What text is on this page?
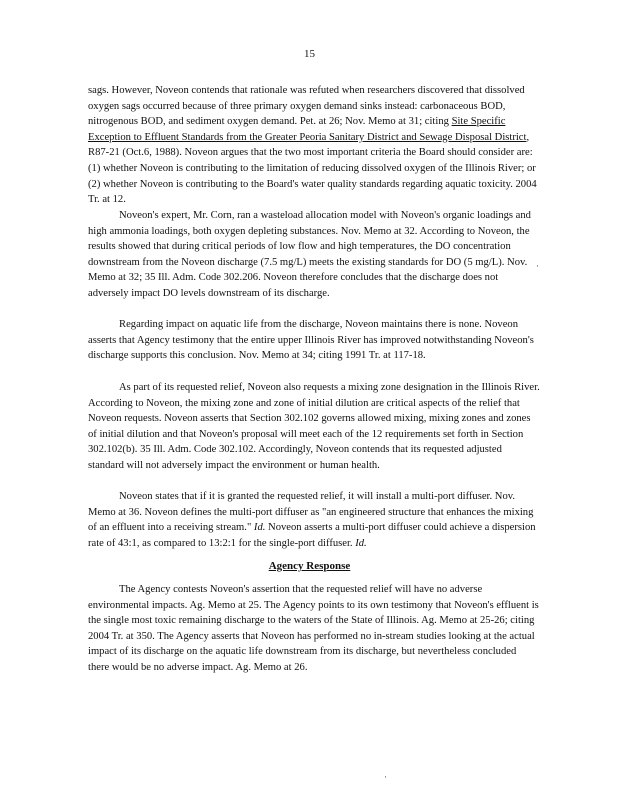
15

sags. However, Noveon contends that rationale was refuted when researchers discovered that dissolved oxygen sags occurred because of three primary oxygen demand sinks instead: carbonaceous BOD, nitrogenous BOD, and sediment oxygen demand. Pet. at 26; Nov. Memo at 31; citing Site Specific Exception to Effluent Standards from the Greater Peoria Sanitary District and Sewage Disposal District, R87-21 (Oct.6, 1988). Noveon argues that the two most important criteria the Board should consider are: (1) whether Noveon is contributing to the limitation of reducing dissolved oxygen of the Illinois River; or (2) whether Noveon is contributing to the Board's water quality standards regarding aquatic toxicity. 2004 Tr. at 12.

Noveon's expert, Mr. Corn, ran a wasteload allocation model with Noveon's organic loadings and high ammonia loadings, both oxygen depleting substances. Nov. Memo at 32. According to Noveon, the results showed that during critical periods of low flow and high temperatures, the DO concentration downstream from the Noveon discharge (7.5 mg/L) meets the existing standards for DO (5 mg/L). Nov. Memo at 32; 35 Ill. Adm. Code 302.206. Noveon therefore concludes that the discharge does not adversely impact DO levels downstream of its discharge.

Regarding impact on aquatic life from the discharge, Noveon maintains there is none. Noveon asserts that Agency testimony that the entire upper Illinois River has improved notwithstanding Noveon's discharge supports this conclusion. Nov. Memo at 34; citing 1991 Tr. at 117-18.

As part of its requested relief, Noveon also requests a mixing zone designation in the Illinois River. According to Noveon, the mixing zone and zone of initial dilution are critical aspects of the relief that Noveon requests. Noveon asserts that Section 302.102 governs allowed mixing, mixing zones and zones of initial dilution and that Noveon's proposal will meet each of the 12 requirements set forth in Section 302.102(b). 35 Ill. Adm. Code 302.102. Accordingly, Noveon contends that its requested adjusted standard will not adversely impact the environment or human health.

Noveon states that if it is granted the requested relief, it will install a multi-port diffuser. Nov. Memo at 36. Noveon defines the multi-port diffuser as "an engineered structure that enhances the mixing of an effluent into a receiving stream." Id. Noveon asserts a multi-port diffuser could achieve a dispersion rate of 43:1, as compared to 13:2:1 for the single-port diffuser. Id.

Agency Response

The Agency contests Noveon's assertion that the requested relief will have no adverse environmental impacts. Ag. Memo at 25. The Agency points to its own testimony that Noveon's effluent is the single most toxic remaining discharge to the waters of the State of Illinois. Ag. Memo at 25-26; citing 2004 Tr. at 350. The Agency asserts that Noveon has performed no in-stream studies looking at the actual impact of its discharge on the aquatic life downstream from its discharge, but nevertheless concluded there would be no adverse impact. Ag. Memo at 26.

·
·
